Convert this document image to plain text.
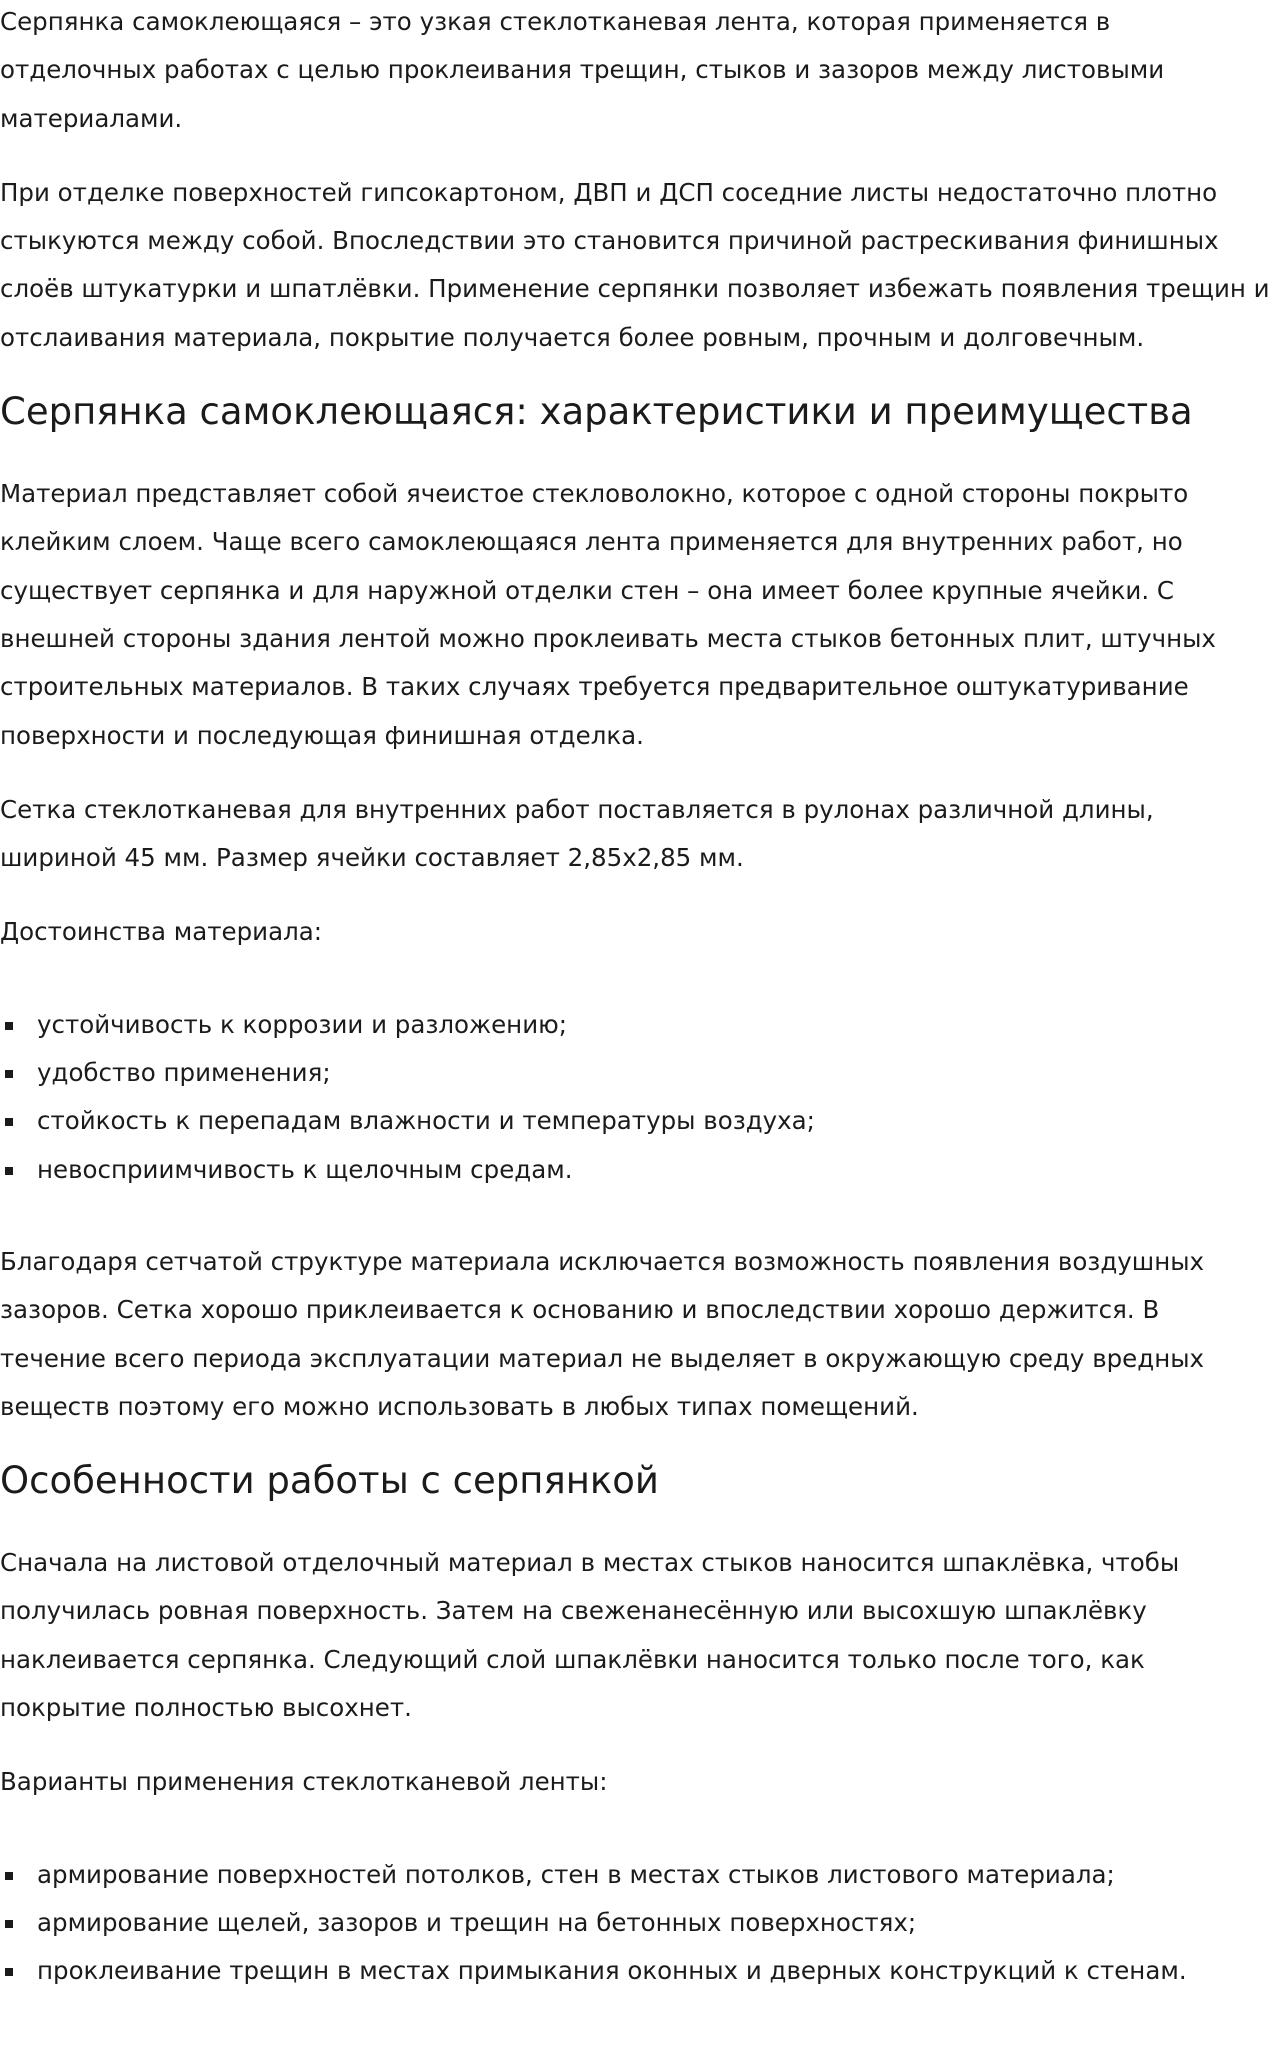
Серпянка самоклеющаяся – это узкая стеклотканевая лента, которая применяется в отделочных работах с целью проклеивания трещин, стыков и зазоров между листовыми материалами.

При отделке поверхностей гипсокартоном, ДВП и ДСП соседние листы недостаточно плотно стыкуются между собой. Впоследствии это становится причиной растрескивания финишных слоёв штукатурки и шпатлёвки. Применение серпянки позволяет избежать появления трещин и отслаивания материала, покрытие получается более ровным, прочным и долговечным.

Серпянка самоклеющаяся: характеристики и преимущества

Материал представляет собой ячеистое стекловолокно, которое с одной стороны покрыто клейким слоем. Чаще всего самоклеющаяся лента применяется для внутренних работ, но существует серпянка и для наружной отделки стен – она имеет более крупные ячейки. С внешней стороны здания лентой можно проклеивать места стыков бетонных плит, штучных строительных материалов. В таких случаях требуется предварительное оштукатуривание поверхности и последующая финишная отделка.

Сетка стеклотканевая для внутренних работ поставляется в рулонах различной длины, шириной 45 мм. Размер ячейки составляет 2,85х2,85 мм.

Достоинства материала:

устойчивость к коррозии и разложению;
удобство применения;
стойкость к перепадам влажности и температуры воздуха;
невосприимчивость к щелочным средам.

Благодаря сетчатой структуре материала исключается возможность появления воздушных зазоров. Сетка хорошо приклеивается к основанию и впоследствии хорошо держится. В течение всего периода эксплуатации материал не выделяет в окружающую среду вредных веществ поэтому его можно использовать в любых типах помещений.

Особенности работы с серпянкой

Сначала на листовой отделочный материал в местах стыков наносится шпаклёвка, чтобы получилась ровная поверхность. Затем на свеженанесённую или высохшую шпаклёвку наклеивается серпянка. Следующий слой шпаклёвки наносится только после того, как покрытие полностью высохнет.

Варианты применения стеклотканевой ленты:

армирование поверхностей потолков, стен в местах стыков листового материала;
армирование щелей, зазоров и трещин на бетонных поверхностях;
проклеивание трещин в местах примыкания оконных и дверных конструкций к стенам.
